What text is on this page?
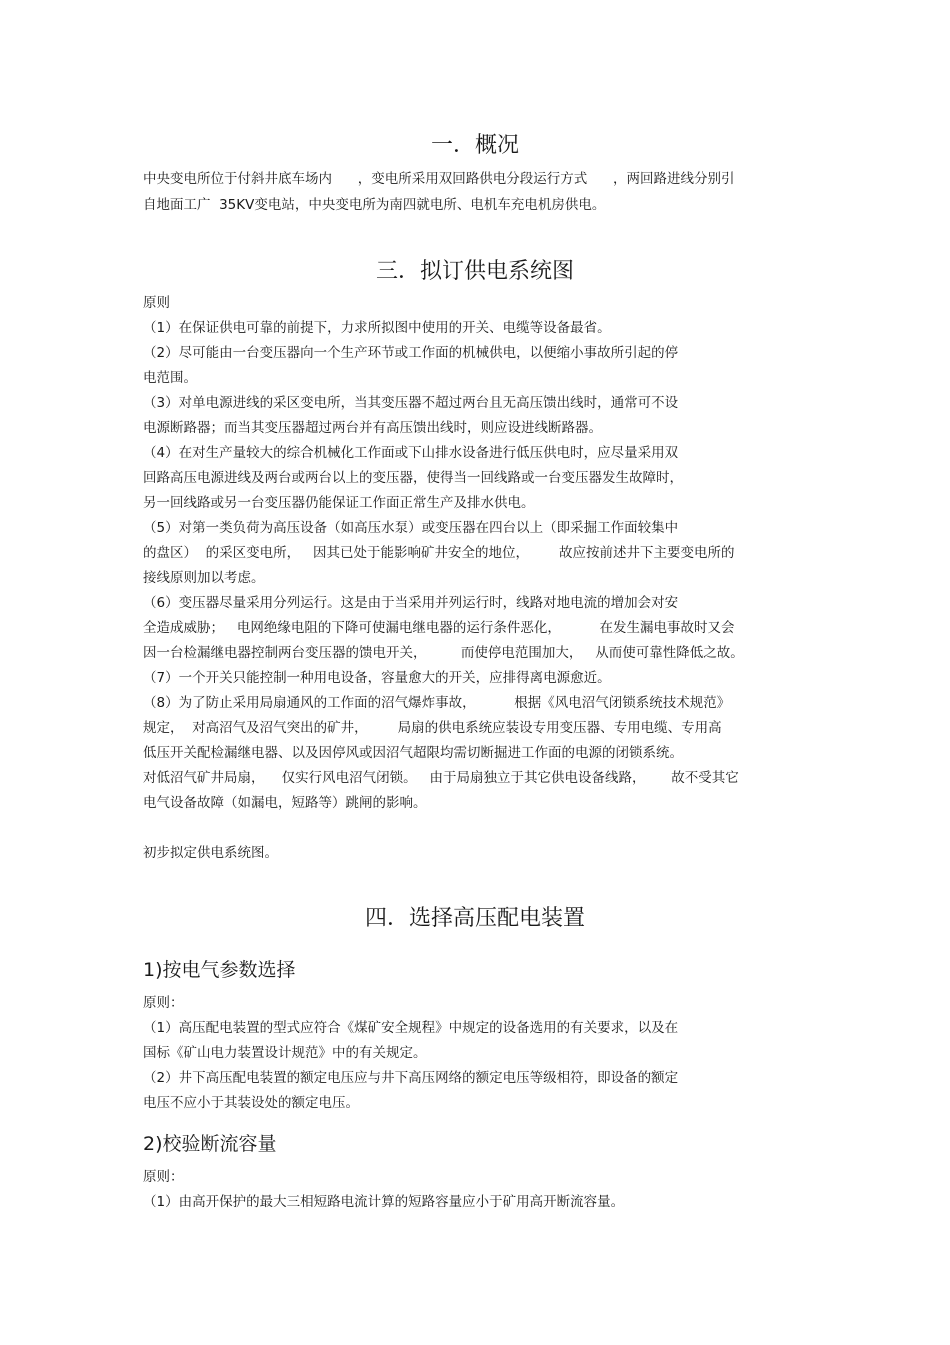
一．概况
中央变电所位于付斜井底车场内      ，变电所采用双回路供电分段运行方式      ，两回路进线分别引
自地面工广  35KV变电站，中央变电所为南四就电所、电机车充电机房供电。
三．拟订供电系统图
原则
（1）在保证供电可靠的前提下，力求所拟图中使用的开关、电缆等设备最省。
（2）尽可能由一台变压器向一个生产环节或工作面的机械供电，以便缩小事故所引起的停
电范围。
（3）对单电源进线的采区变电所，当其变压器不超过两台且无高压馈出线时，通常可不设
电源断路器；而当其变压器超过两台并有高压馈出线时，则应设进线断路器。
（4）在对生产量较大的综合机械化工作面或下山排水设备进行低压供电时，应尽量采用双
回路高压电源进线及两台或两台以上的变压器，使得当一回线路或一台变压器发生故障时，
另一回线路或另一台变压器仍能保证工作面正常生产及排水供电。
（5）对第一类负荷为高压设备（如高压水泵）或变压器在四台以上（即采掘工作面较集中
的盘区）  的采区变电所，   因其已处于能影响矿井安全的地位，       故应按前述井下主要变电所的
接线原则加以考虑。
（6）变压器尽量采用分列运行。这是由于当采用并列运行时，线路对地电流的增加会对安
全造成威胁；   电网绝缘电阻的下降可使漏电继电器的运行条件恶化，         在发生漏电事故时又会
因一台检漏继电器控制两台变压器的馈电开关，        而使停电范围加大，   从而使可靠性降低之故。
（7）一个开关只能控制一种用电设备，容量愈大的开关，应排得离电源愈近。
（8）为了防止采用局扇通风的工作面的沼气爆炸事故，         根据《风电沼气闭锁系统技术规范》
规定，  对高沼气及沼气突出的矿井，       局扇的供电系统应装设专用变压器、专用电缆、专用高
低压开关配检漏继电器、以及因停风或因沼气超限均需切断掘进工作面的电源的闭锁系统。
对低沼气矿井局扇，    仅实行风电沼气闭锁。   由于局扇独立于其它供电设备线路，      故不受其它
电气设备故障（如漏电，短路等）跳闸的影响。
初步拟定供电系统图。
四．选择高压配电装置
1)按电气参数选择
原则：
（1）高压配电装置的型式应符合《煤矿安全规程》中规定的设备选用的有关要求，以及在
国标《矿山电力装置设计规范》中的有关规定。
（2）井下高压配电装置的额定电压应与井下高压网络的额定电压等级相符，即设备的额定
电压不应小于其装设处的额定电压。
2)校验断流容量
原则：
（1）由高开保护的最大三相短路电流计算的短路容量应小于矿用高开断流容量。
